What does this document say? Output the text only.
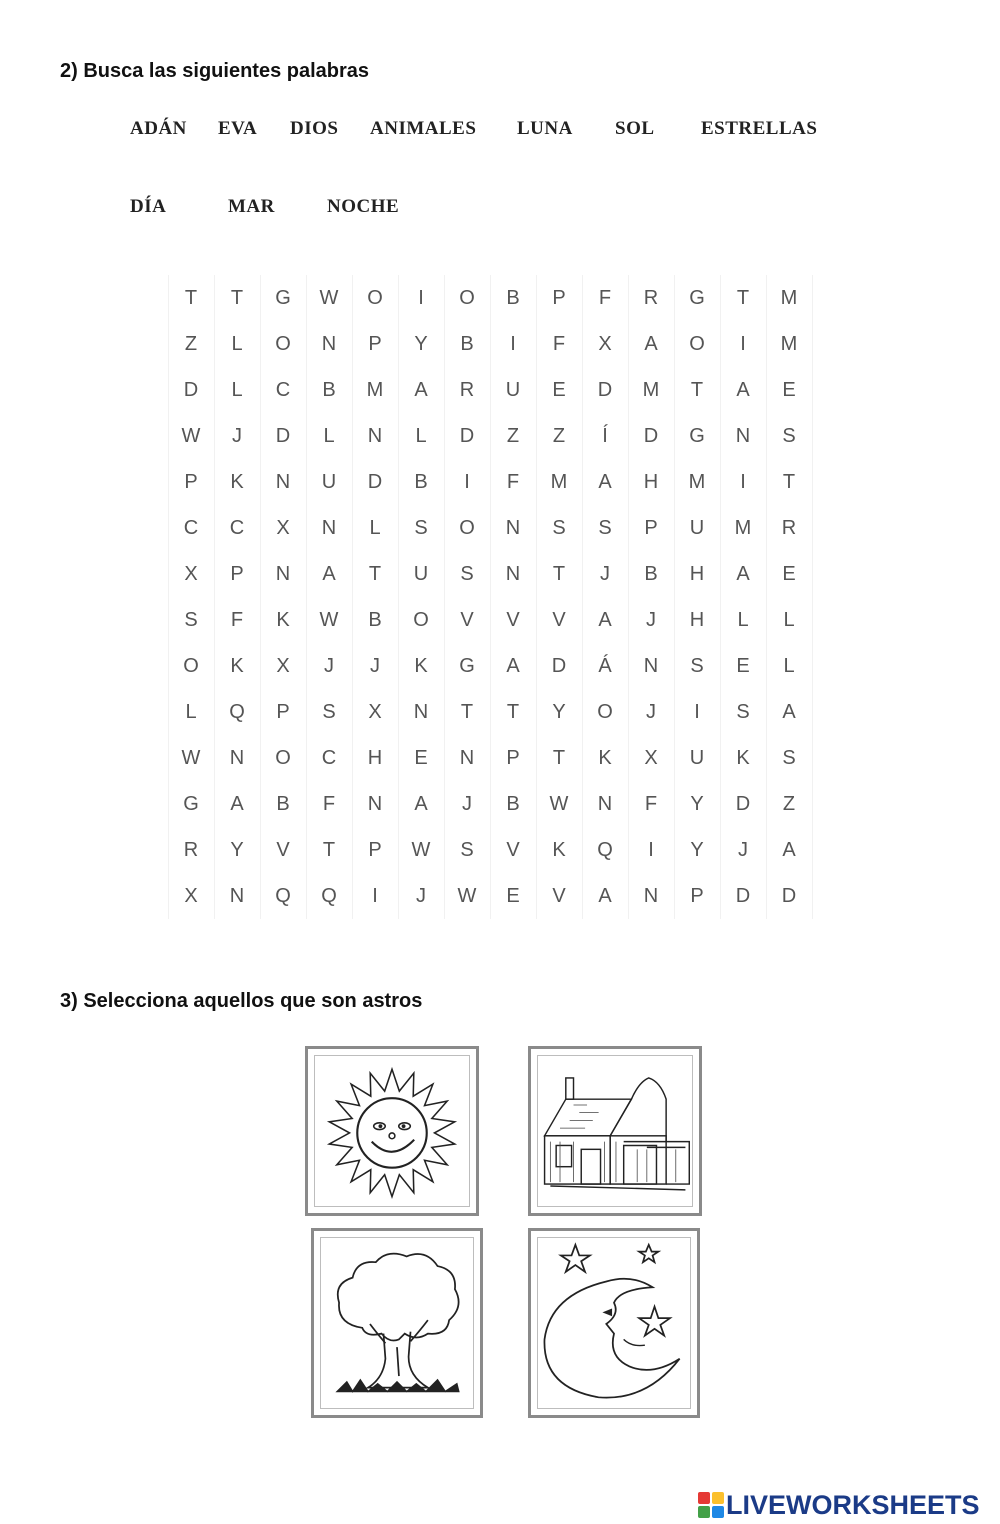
2) Busca las siguientes palabras
ADÁN EVA DIOS ANIMALES LUNA SOL ESTRELLAS
DÍA	MAR	NOCHE
T	T	G	W	O	I	O	B	P	F	R	G	T	M
Z	L	O	N	P	Y	B	I	F	X	A	O	I	M
D	L	C	B	M	A	R	U	E	D	M	T	A	E
W	J	D	L	N	L	D	Z	Z	Í	D	G	N	S
P	K	N	U	D	B	I	F	M	A	H	M	I	T
C	C	X	N	L	S	O	N	S	S	P	U	M	R
X	P	N	A	T	U	S	N	T	J	B	H	A	E
S	F	K	W	B	O	V	V	V	A	J	H	L	L
O	K	X	J	J	K	G	A	D	Á	N	S	E	L
L	Q	P	S	X	N	T	T	Y	O	J	I	S	A
W	N	O	C	H	E	N	P	T	K	X	U	K	S
G	A	B	F	N	A	J	B	W	N	F	Y	D	Z
R	Y	V	T	P	W	S	V	K	Q	I	Y	J	A
X	N	Q	Q	I	J	W	E	V	A	N	P	D	D
3) Selecciona aquellos que son astros
LIVEWORKSHEETS
